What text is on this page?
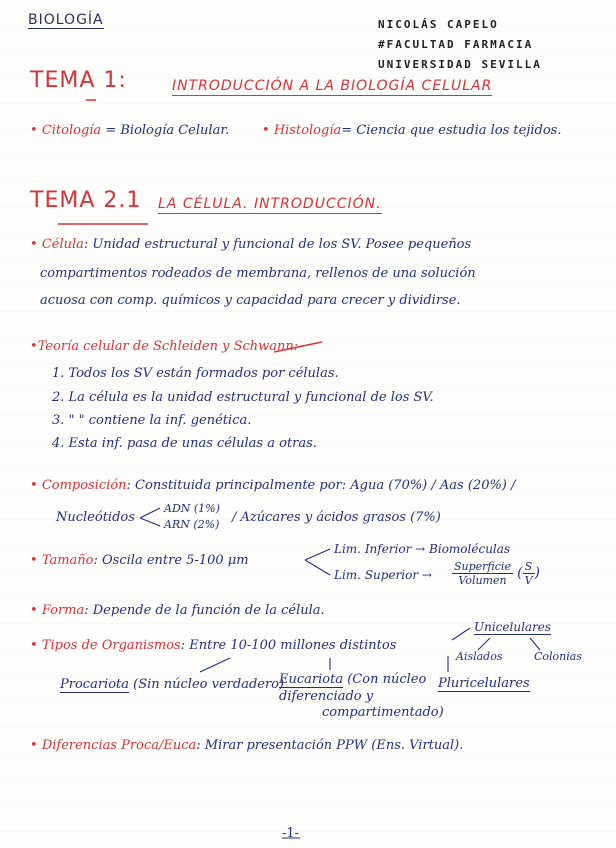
BIOLOGÍA	NICOLÁS CAPELO
#FACULTAD FARMACIA
UNIVERSIDAD SEVILLA
TEMA 1:	INTRODUCCIÓN A LA BIOLOGÍA CELULAR
• Citología = Biología Celular.	• Histología= Ciencia que estudia los tejidos.
TEMA 2.1 LA CÉLULA. INTRODUCCIÓN.
• Célula: Unidad estructural y funcional de los SV. Posee pequeños
compartimentos rodeados de membrana, rellenos de una solución
acuosa con comp. químicos y capacidad para crecer y dividirse.
•Teoría celular de Schleiden y Schwann:
1. Todos los SV están formados por células.
2. La célula es la unidad estructural y funcional de los SV.
3. " " contiene la inf. genética.
4. Esta inf. pasa de unas células a otras.
• Composición: Constituida principalmente por: Agua (70%) / Aas (20%) /
Nucleótidos
ADN (1%)
ARN (2%) / Azúcares y ácidos grasos (7%)
• Tamaño: Oscila entre 5-100 μm
Lim. Inferior → Biomoléculas
Lim. Superior → $\frac{\text{Superficie}}{\text{Volumen}}$ ( $\frac{S}{V}$ )
• Forma: Depende de la función de la célula.
• Tipos de Organismos: Entre 10-100 millones distintos
Unicelulares
Aislados	Colonias
Procariota (Sin núcleo verdadero)
Eucariota (Con núcleo
diferenciado y
compartimentado)
Pluricelulares
• Diferencias Proca/Euca: Mirar presentación PPW (Ens. Virtual).
-1-
